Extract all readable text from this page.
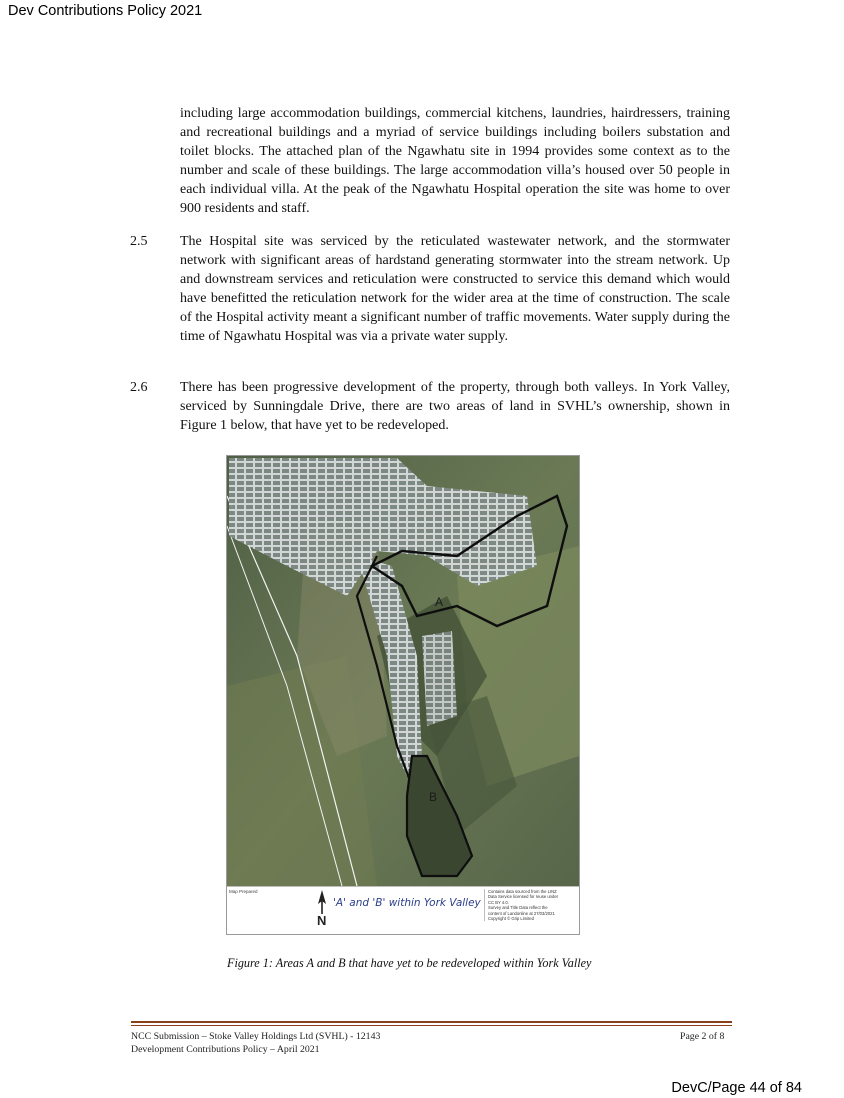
Dev Contributions Policy 2021
including large accommodation buildings, commercial kitchens, laundries, hairdressers, training and recreational buildings and a myriad of service buildings including boilers substation and toilet blocks. The attached plan of the Ngawhatu site in 1994 provides some context as to the number and scale of these buildings. The large accommodation villa’s housed over 50 people in each individual villa. At the peak of the Ngawhatu Hospital operation the site was home to over 900 residents and staff.
2.5	The Hospital site was serviced by the reticulated wastewater network, and the stormwater network with significant areas of hardstand generating stormwater into the stream network. Up and downstream services and reticulation were constructed to service this demand which would have benefitted the reticulation network for the wider area at the time of construction. The scale of the Hospital activity meant a significant number of traffic movements. Water supply during the time of Ngawhatu Hospital was via a private water supply.
2.6	There has been progressive development of the property, through both valleys. In York Valley, serviced by Sunningdale Drive, there are two areas of land in SVHL’s ownership, shown in Figure 1 below, that have yet to be redeveloped.
A
B
Map Prepared
N
'A' and 'B' within York Valley
Contains data sourced from the LINZ
Data Service licensed for reuse under
CC BY 4.0.
Survey and Title Data reflect the
content of Landonline at 27/03/2021
Copyright © Grip Limited
Figure 1: Areas A and B that have yet to be redeveloped within York Valley
NCC Submission – Stoke Valley Holdings Ltd (SVHL) - 12143
Development Contributions Policy – April 2021
Page 2 of 8
DevC/Page 44 of 84
